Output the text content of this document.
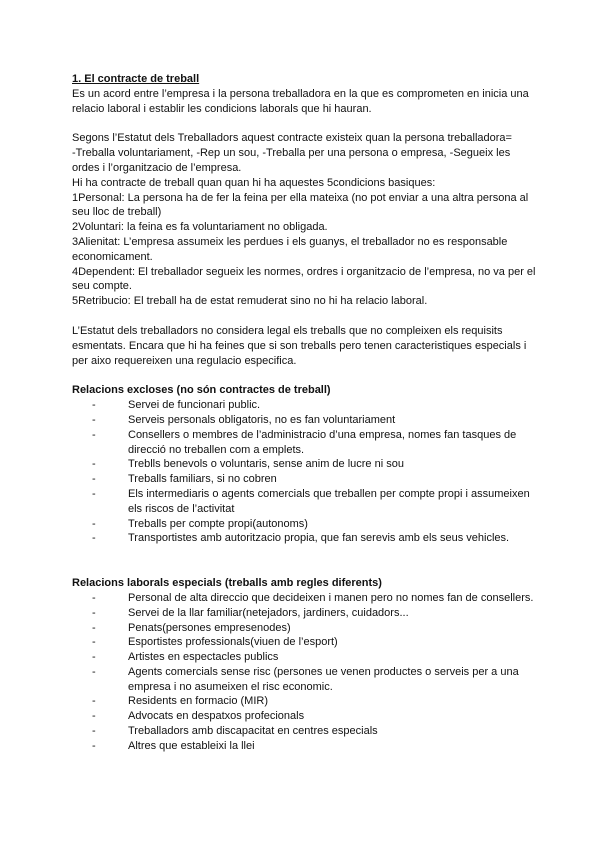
1. El contracte de treball

Es un acord entre l’empresa i la persona treballadora en la que es comprometen en inicia una relacio laboral i establir les condicions laborals que hi hauran.

Segons l’Estatut dels Treballadors aquest contracte existeix quan la persona treballadora=

-Treballa voluntariament, -Rep un sou, -Treballa per una persona o empresa, -Segueix les ordes i l’organitzacio de l’empresa.

Hi ha contracte de treball quan quan hi ha aquestes 5condicions basiques:

1Personal: La persona ha de fer la feina per ella mateixa (no pot enviar a una altra persona al seu lloc de treball)

2Voluntari: la feina es fa voluntariament no obligada.

3Alienitat: L’empresa assumeix les perdues i els guanys, el treballador no es responsable economicament.

4Dependent: El treballador segueix les normes, ordres i organitzacio de l’empresa, no va per el seu compte.

5Retribucio: El treball ha de estat remuderat sino no hi ha relacio laboral.

L’Estatut dels treballadors no considera legal els treballs que no compleixen els requisits esmentats. Encara que hi ha feines que si son treballs pero tenen caracteristiques especials i per aixo requereixen una regulacio especifica.

Relacions excloses (no són contractes de treball)

- Servei de funcionari public.
- Serveis personals obligatoris, no es fan voluntariament
- Consellers o membres de l’administracio d’una empresa, nomes fan tasques de direcció no treballen com a emplets.
- Treblls benevols o voluntaris, sense anim de lucre ni sou
- Treballs familiars, si no cobren
- Els intermediaris o agents comercials que treballen per compte propi i assumeixen els riscos de l’activitat
- Treballs per compte propi(autonoms)
- Transportistes amb autoritzacio propia, que fan serevis amb els seus vehicles.

Relacions laborals especials (treballs amb regles diferents)

- Personal de alta direccio que decideixen i manen pero no nomes fan de consellers.
- Servei de la llar familiar(netejadors, jardiners, cuidadors...
- Penats(persones empresenodes)
- Esportistes professionals(viuen de l’esport)
- Artistes en espectacles publics
- Agents comercials sense risc (persones ue venen productes o serveis per a una empresa i no asumeixen el risc economic.
- Residents en formacio (MIR)
- Advocats en despatxos profecionals
- Treballadors amb discapacitat en centres especials
- Altres que estableixi la llei
